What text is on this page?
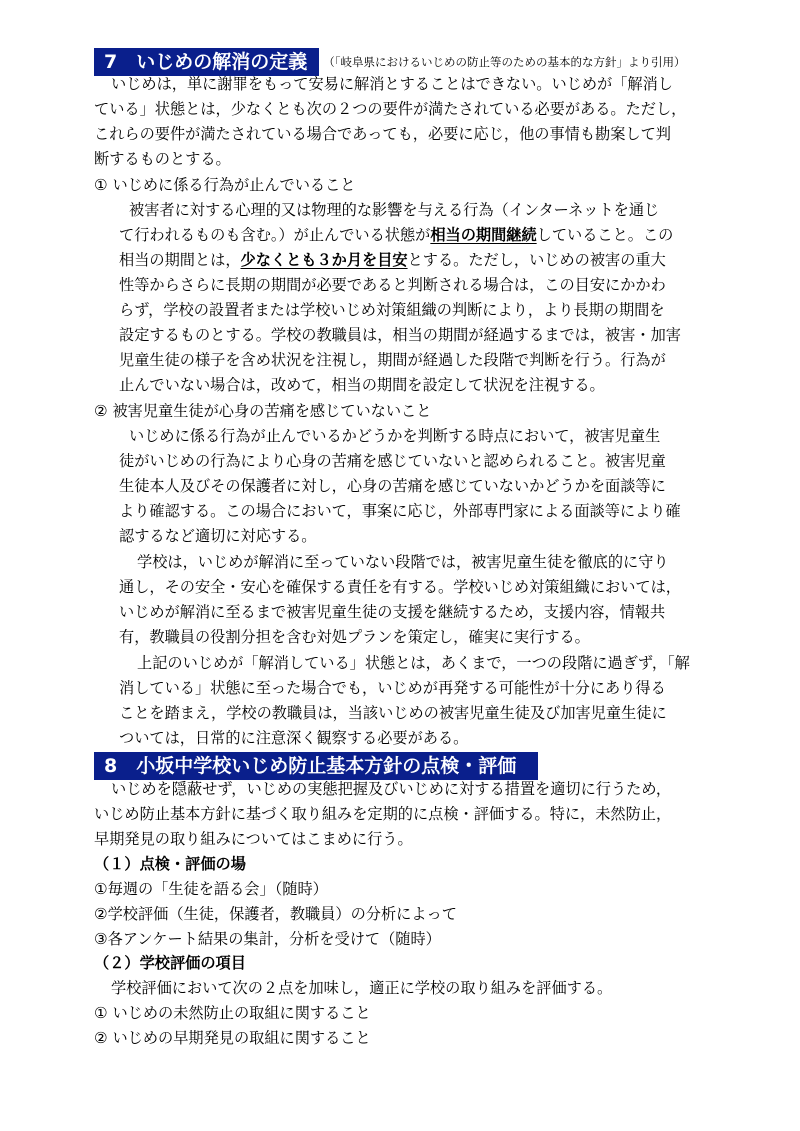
7　いじめの解消の定義	（「岐阜県におけるいじめの防止等のための基本的な方針」より引用）
いじめは，単に謝罪をもって安易に解消とすることはできない。いじめが「解消し
ている」状態とは，少なくとも次の２つの要件が満たされている必要がある。ただし，
これらの要件が満たされている場合であっても，必要に応じ，他の事情も勘案して判
断するものとする。
① いじめに係る行為が止んでいること
被害者に対する心理的又は物理的な影響を与える行為（インターネットを通じ
て行われるものも含む。）が止んでいる状態が相当の期間継続していること。この
相当の期間とは，少なくとも３か月を目安とする。ただし，いじめの被害の重大
性等からさらに長期の期間が必要であると判断される場合は，この目安にかかわ
らず，学校の設置者または学校いじめ対策組織の判断により，より長期の期間を
設定するものとする。学校の教職員は，相当の期間が経過するまでは，被害・加害
児童生徒の様子を含め状況を注視し，期間が経過した段階で判断を行う。行為が
止んでいない場合は，改めて，相当の期間を設定して状況を注視する。
② 被害児童生徒が心身の苦痛を感じていないこと
いじめに係る行為が止んでいるかどうかを判断する時点において，被害児童生
徒がいじめの行為により心身の苦痛を感じていないと認められること。被害児童
生徒本人及びその保護者に対し，心身の苦痛を感じていないかどうかを面談等に
より確認する。この場合において，事案に応じ，外部専門家による面談等により確
認するなど適切に対応する。
学校は，いじめが解消に至っていない段階では，被害児童生徒を徹底的に守り
通し，その安全・安心を確保する責任を有する。学校いじめ対策組織においては，
いじめが解消に至るまで被害児童生徒の支援を継続するため，支援内容，情報共
有，教職員の役割分担を含む対処プランを策定し，確実に実行する。
上記のいじめが「解消している」状態とは，あくまで，一つの段階に過ぎず，「解
消している」状態に至った場合でも，いじめが再発する可能性が十分にあり得る
ことを踏まえ，学校の教職員は，当該いじめの被害児童生徒及び加害児童生徒に
ついては，日常的に注意深く観察する必要がある。
8　小坂中学校いじめ防止基本方針の点検・評価
いじめを隠蔽せず，いじめの実態把握及びいじめに対する措置を適切に行うため，
いじめ防止基本方針に基づく取り組みを定期的に点検・評価する。特に，未然防止，
早期発見の取り組みについてはこまめに行う。
（１）点検・評価の場
①毎週の「生徒を語る会」（随時）
②学校評価（生徒，保護者，教職員）の分析によって
③各アンケート結果の集計，分析を受けて（随時）
（２）学校評価の項目
学校評価において次の２点を加味し，適正に学校の取り組みを評価する。
① いじめの未然防止の取組に関すること
② いじめの早期発見の取組に関すること
